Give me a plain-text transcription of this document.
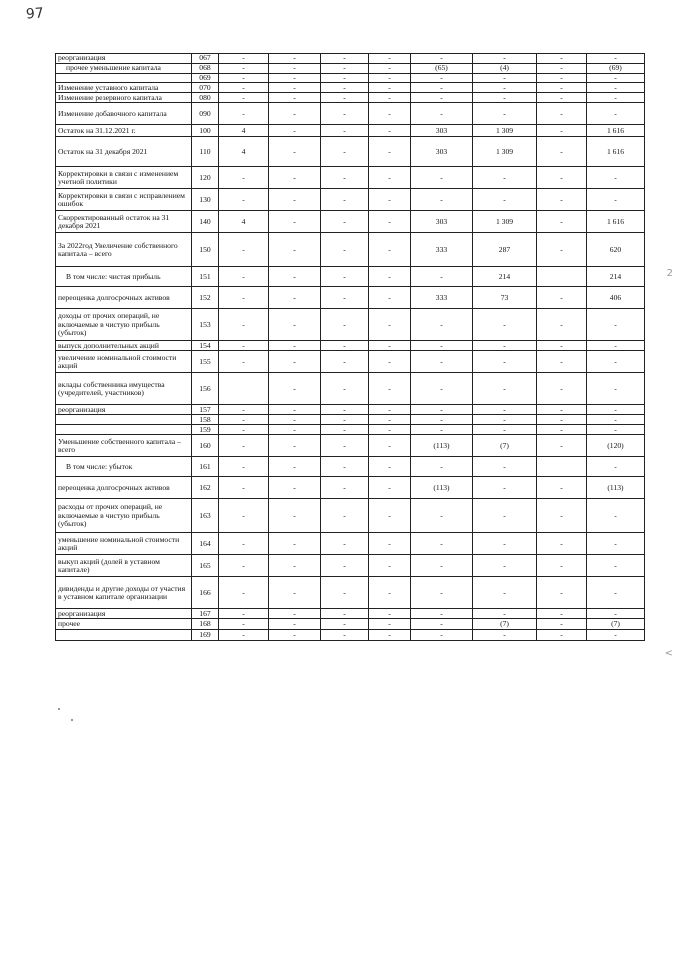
97
2
<
реорганизация	067	-	-	-	-	-	-	-	-
прочее уменьшение капитала	068	-	-	-	-	(65)	(4)	-	(69)
	069	-	-	-	-	-	-	-	-
Изменение уставного капитала	070	-	-	-	-	-	-	-	-
Изменение резервного капитала	080	-	-	-	-	-	-	-	-
Изменение добавочного капитала	090	-	-	-	-	-	-	-	-
Остаток на 31.12.2021 г.	100	4	-	-	-	303	1 309	-	1 616
Остаток на 31 декабря 2021	110	4	-	-	-	303	1 309	-	1 616
Корректировки в связи с изменением учетной политики	120	-	-	-	-	-	-	-	-
Корректировки в связи с исправлением ошибок	130	-	-	-	-	-	-	-	-
Скорректированный остаток на 31 декабря 2021	140	4	-	-	-	303	1 309	-	1 616
За 2022год Увеличение собственного капитала – всего	150	-	-	-	-	333	287	-	620
В том числе: чистая прибыль	151	-	-	-	-	-	214		214
переоценка долгосрочных активов	152	-	-	-	-	333	73	-	406
доходы от прочих операций, не включаемые в чистую прибыль (убыток)	153	-	-	-	-	-	-	-	-
выпуск дополнительных акций	154	-	-	-	-	-	-	-	-
увеличение номинальной стоимости акций	155	-	-	-	-	-	-	-	-
вклады собственника имущества (учредителей, участников)	156		-	-	-	-	-	-	-
реорганизация	157	-	-	-	-	-	-	-	-
	158	-	-	-	-	-	-	-	-
	159	-	-	-	-	-	-	-	-
Уменьшение собственного капитала – всего	160	-	-	-	-	(113)	(7)	-	(120)
В том числе: убыток	161	-	-	-	-	-	-		-
переоценка долгосрочных активов	162	-	-	-	-	(113)	-	-	(113)
расходы от прочих операций, не включаемые в чистую прибыль (убыток)	163	-	-	-	-	-	-	-	-
уменьшение номинальной стоимости акций	164	-	-	-	-	-	-	-	-
выкуп акций (долей в уставном капитале)	165	-	-	-	-	-	-	-	-
дивиденды и другие доходы от участия в уставном капитале организации	166	-	-	-	-	-	-	-	-
реорганизация	167	-	-	-	-	-	-	-	-
прочее	168	-	-	-	-	-	(7)	-	(7)
	169	-	-	-	-	-	-	-	-
